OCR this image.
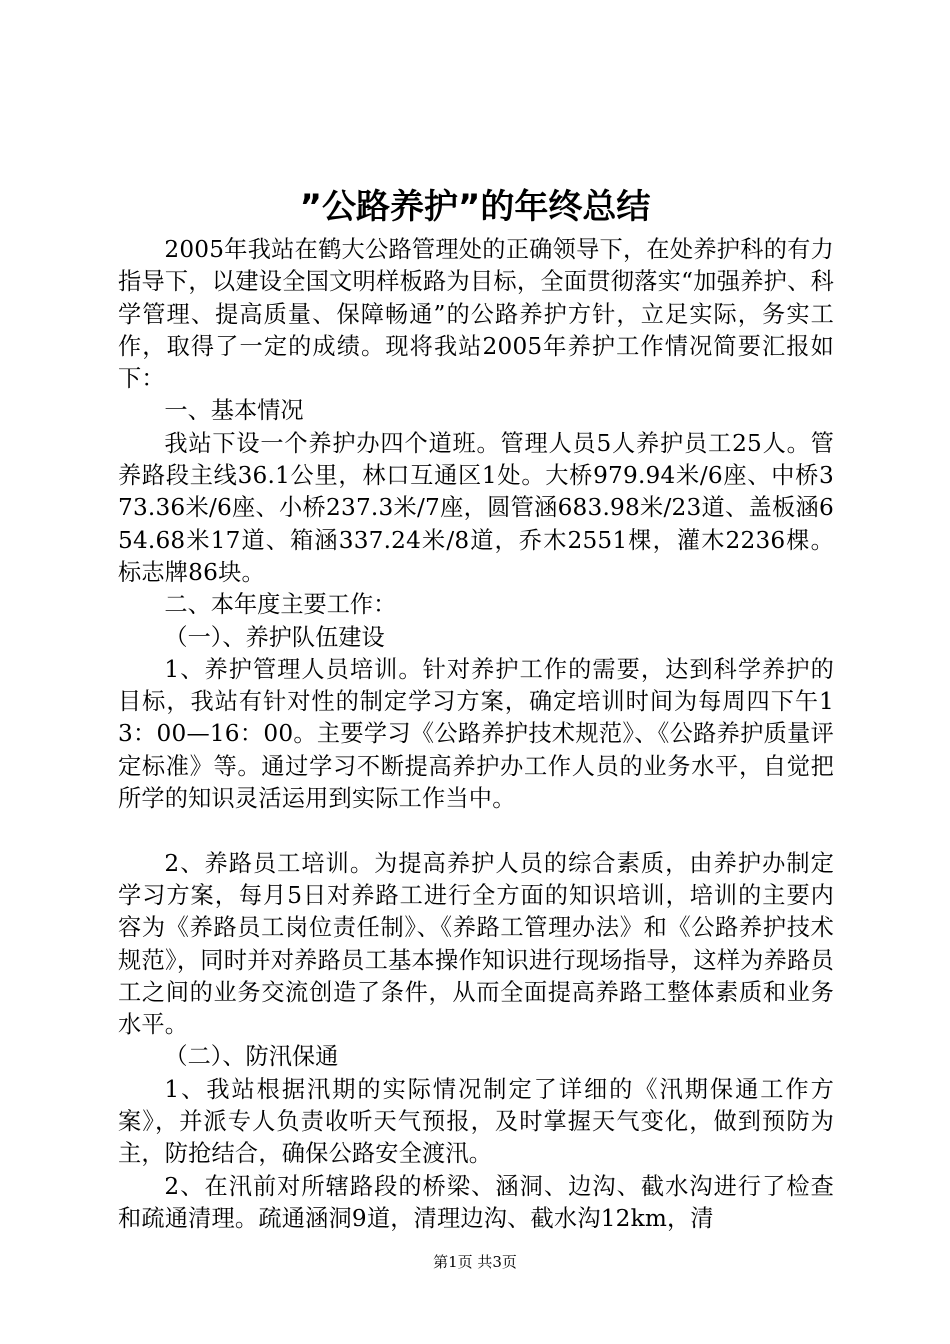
”公路养护”的年终总结

2005年我站在鹤大公路管理处的正确领导下，在处养护科的有力指导下，以建设全国文明样板路为目标，全面贯彻落实“加强养护、科学管理、提高质量、保障畅通”的公路养护方针，立足实际，务实工作，取得了一定的成绩。现将我站2005年养护工作情况简要汇报如下：

一、基本情况

我站下设一个养护办四个道班。管理人员5人养护员工25人。管养路段主线36.1公里，林口互通区1处。大桥979.94米/6座、中桥373.36米/6座、小桥237.3米/7座，圆管涵683.98米/23道、盖板涵654.68米17道、箱涵337.24米/8道，乔木2551棵，灌木2236棵。标志牌86块。

二、本年度主要工作：

（一）、养护队伍建设

1、养护管理人员培训。针对养护工作的需要，达到科学养护的目标，我站有针对性的制定学习方案，确定培训时间为每周四下午13：00—16：00。主要学习《公路养护技术规范》、《公路养护质量评定标准》等。通过学习不断提高养护办工作人员的业务水平，自觉把所学的知识灵活运用到实际工作当中。

2、养路员工培训。为提高养护人员的综合素质，由养护办制定学习方案，每月5日对养路工进行全方面的知识培训，培训的主要内容为《养路员工岗位责任制》、《养路工管理办法》和《公路养护技术规范》，同时并对养路员工基本操作知识进行现场指导，这样为养路员工之间的业务交流创造了条件，从而全面提高养路工整体素质和业务水平。

（二）、防汛保通

1、我站根据汛期的实际情况制定了详细的《汛期保通工作方案》，并派专人负责收听天气预报，及时掌握天气变化，做到预防为主，防抢结合，确保公路安全渡汛。

2、在汛前对所辖路段的桥梁、涵洞、边沟、截水沟进行了检查和疏通清理。疏通涵洞9道，清理边沟、截水沟12km，清

第1页 共3页
